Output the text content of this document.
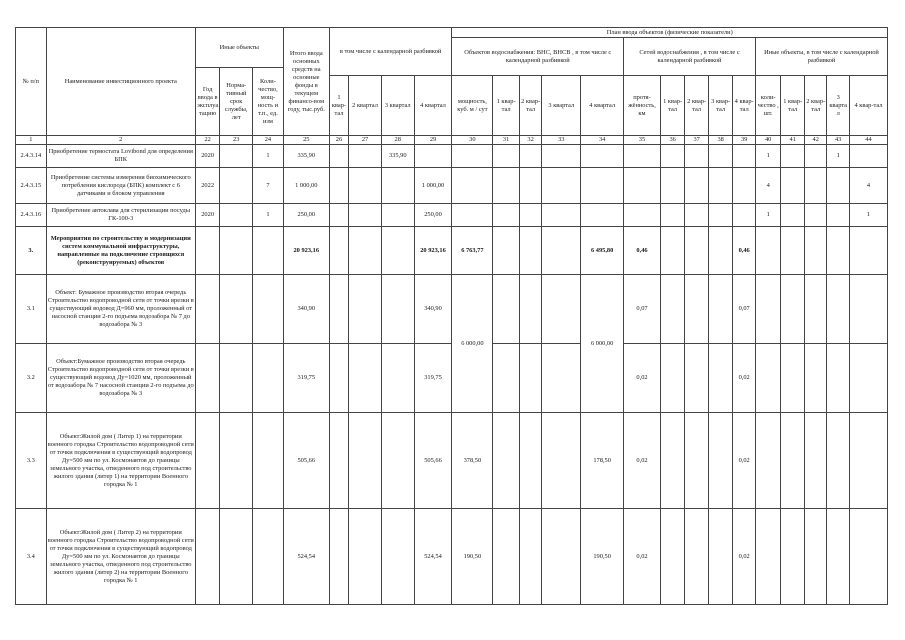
№ п/п	Наименование инвестиционного проекта	Иные объекты			Итого ввода основных средств на основные фонды в текущем финансо-вом году, тыс.руб.	в том числе с календарной разбивкой				План ввода объектов (физические показатели)														
										Объектов водоснабжения: ВНС, ВНСВ , в том числе с календарной разбивкой					Сетей водоснабжения , в том числе с календарной разбивкой					Иные объекты, в том числе с календарной разбивкой				
		Год ввода в эксплуатацию	Норма-тивный срок службы, лет	Коли-чество, мощ-ность и т.п., ед. изм																				
						1 квар-тал	2 квартал	3 квартал	4 квартал	мощность, куб. м / сут	1 квар-тал	2 квар-тал	3 квартал	4 квартал	протя-жённость, км	1 квар-тал	2 квар-тал	3 квар-тал	4 квар-тал	коли-чество , шт.	1 квар-тал	2 квар-тал	3 квартал	4 квар-тал
1	2	22	23	24	25	26	27	28	29	30	31	32	33	34	35	36	37	38	39	40	41	42	43	44
2.4.3.14	Приобретение термостата Lovibond для определения БПК	2020		1	335,90			335,90												1			1	
2.4.3.15	Приобретение системы измерения биохимического потребления кислорода (БПК) комплект с 6 датчиками и блоком управления	2022		7	1 000,00				1 000,00											4				4
2.4.3.16	Приобретение автоклава для стерилизации посуды ГК-100-3	2020		1	250,00				250,00											1				1
3.	Мероприятия по строительству и модернизации систем коммунальной инфраструктуры, направленные на подключение строящихся (реконструируемых) объектов				20 923,16				20 923,16	6 763,77				6 495,80	0,46				0,46					
3.1	Объект: Бумажное производство вторая очередь Строительство водопроводной сети от точки врезки в существующий водовод Д=960 мм, проложенный от насосной станции 2-го подъема водозабора № 7 до водозабора № 3				340,90				340,90	6 000,00				6 000,00	0,07				0,07					
3.2	Объект:Бумажное производство вторая очередь Строительство водопроводной сети от точки врезки в существующий водовод Ду=1020 мм, проложенный от водозабора № 7 насосной станции 2-го подъема до водозабора № 3				319,75				319,75						0,02				0,02					
3.3	Объект:Жилой дом ( Литер 1) на территории военного городка Строительство водопроводной сети от точки подключения в существующий водопровод Ду=500 мм по ул. Космонавтов до границы земельного участка, отведенного под строительство жилого здания (литер 1) на территории Военного городка № 1				505,66				505,66	378,50				178,50	0,02				0,02					
3.4	Объект:Жилой дом ( Литер 2) на территории военного городка Строительство водопроводной сети от точки подключения в существующий водопровод Ду=500 мм по ул. Космонавтов до границы земельного участка, отведенного под строительство жилого здания (литер 2) на территории Военного городка № 1				524,54				524,54	190,50				190,50	0,02				0,02					
